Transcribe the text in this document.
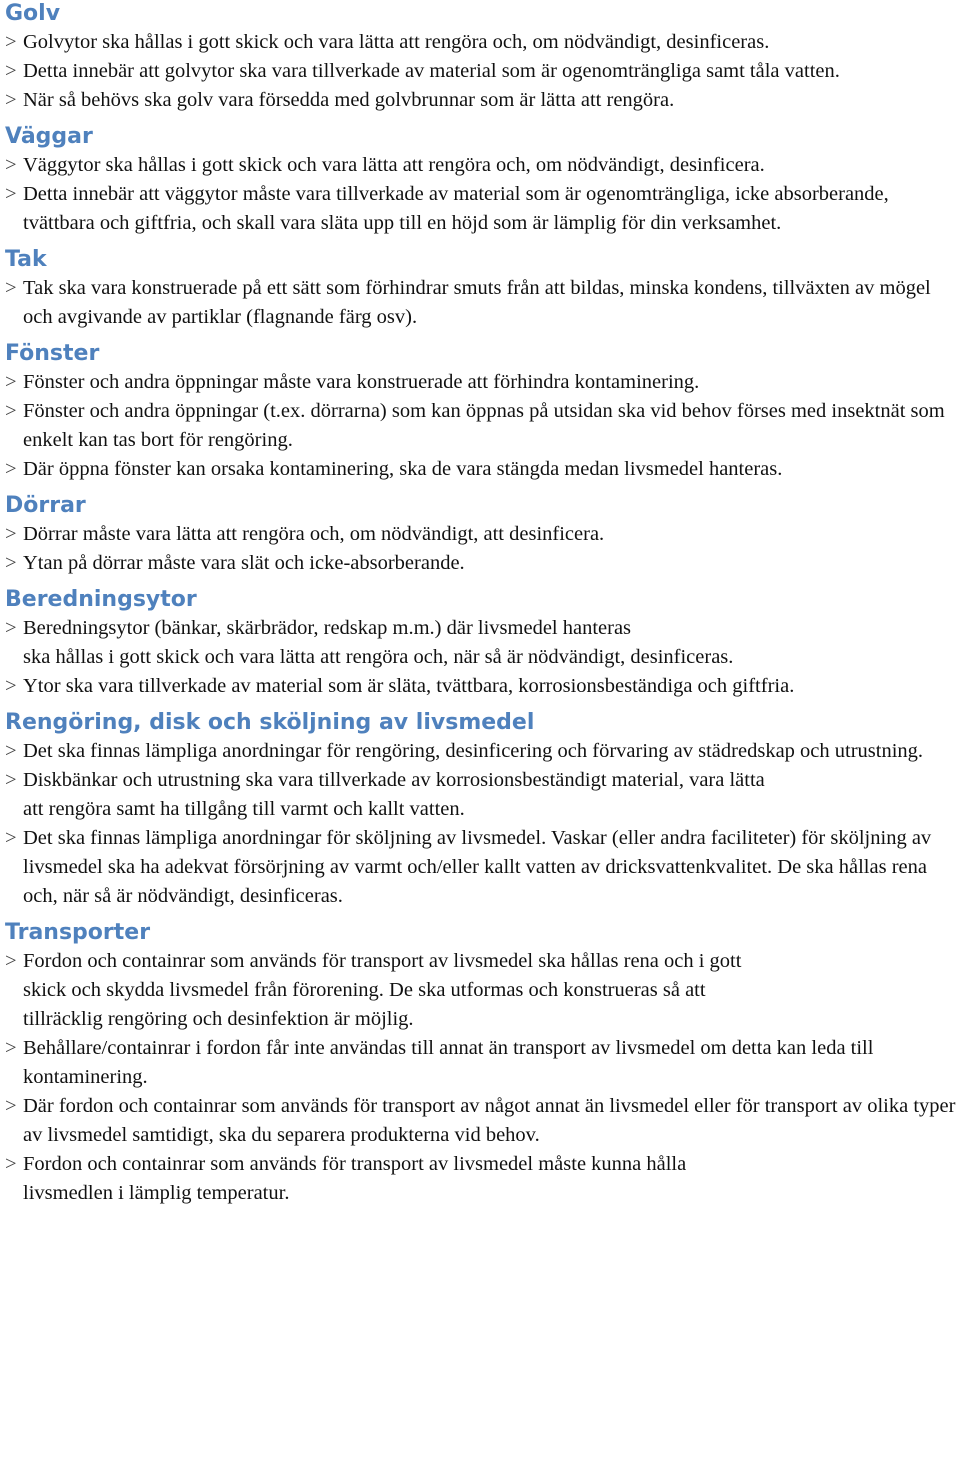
Golv
> Golvytor ska hållas i gott skick och vara lätta att rengöra och, om nödvändigt, desinficeras.
> Detta innebär att golvytor ska vara tillverkade av material som är ogenomträngliga samt tåla vatten.
> När så behövs ska golv vara försedda med golvbrunnar som är lätta att rengöra.
Väggar
> Väggytor ska hållas i gott skick och vara lätta att rengöra och, om nödvändigt, desinficera.
> Detta innebär att väggytor måste vara tillverkade av material som är ogenomträngliga, icke absorberande, tvättbara och giftfria, och skall vara släta upp till en höjd som är lämplig för din verksamhet.
Tak
> Tak ska vara konstruerade på ett sätt som förhindrar smuts från att bildas, minska kondens, tillväxten av mögel och avgivande av partiklar (flagnande färg osv).
Fönster
> Fönster och andra öppningar måste vara konstruerade att förhindra kontaminering.
> Fönster och andra öppningar (t.ex. dörrarna) som kan öppnas på utsidan ska vid behov förses med insektnät som enkelt kan tas bort för rengöring.
> Där öppna fönster kan orsaka kontaminering, ska de vara stängda medan livsmedel hanteras.
Dörrar
> Dörrar måste vara lätta att rengöra och, om nödvändigt, att desinficera.
> Ytan på dörrar måste vara slät och icke-absorberande.
Beredningsytor
> Beredningsytor (bänkar, skärbrädor, redskap m.m.) där livsmedel hanteras
ska hållas i gott skick och vara lätta att rengöra och, när så är nödvändigt, desinficeras.
> Ytor ska vara tillverkade av material som är släta, tvättbara, korrosionsbeständiga och giftfria.
Rengöring, disk och sköljning av livsmedel
> Det ska finnas lämpliga anordningar för rengöring, desinficering och förvaring av städredskap och utrustning.
> Diskbänkar och utrustning ska vara tillverkade av korrosionsbeständigt material, vara lätta
att rengöra samt ha tillgång till varmt och kallt vatten.
> Det ska finnas lämpliga anordningar för sköljning av livsmedel. Vaskar (eller andra faciliteter) för sköljning av livsmedel ska ha adekvat försörjning av varmt och/eller kallt vatten av dricksvattenkvalitet. De ska hållas rena och, när så är nödvändigt, desinficeras.
Transporter
> Fordon och containrar som används för transport av livsmedel ska hållas rena och i gott
skick och skydda livsmedel från förorening. De ska utformas och konstrueras så att
tillräcklig rengöring och desinfektion är möjlig.
> Behållare/containrar i fordon får inte användas till annat än transport av livsmedel om detta kan leda till kontaminering.
> Där fordon och containrar som används för transport av något annat än livsmedel eller för transport av olika typer av livsmedel samtidigt, ska du separera produkterna vid behov.
> Fordon och containrar som används för transport av livsmedel måste kunna hålla
livsmedlen i lämplig temperatur.
